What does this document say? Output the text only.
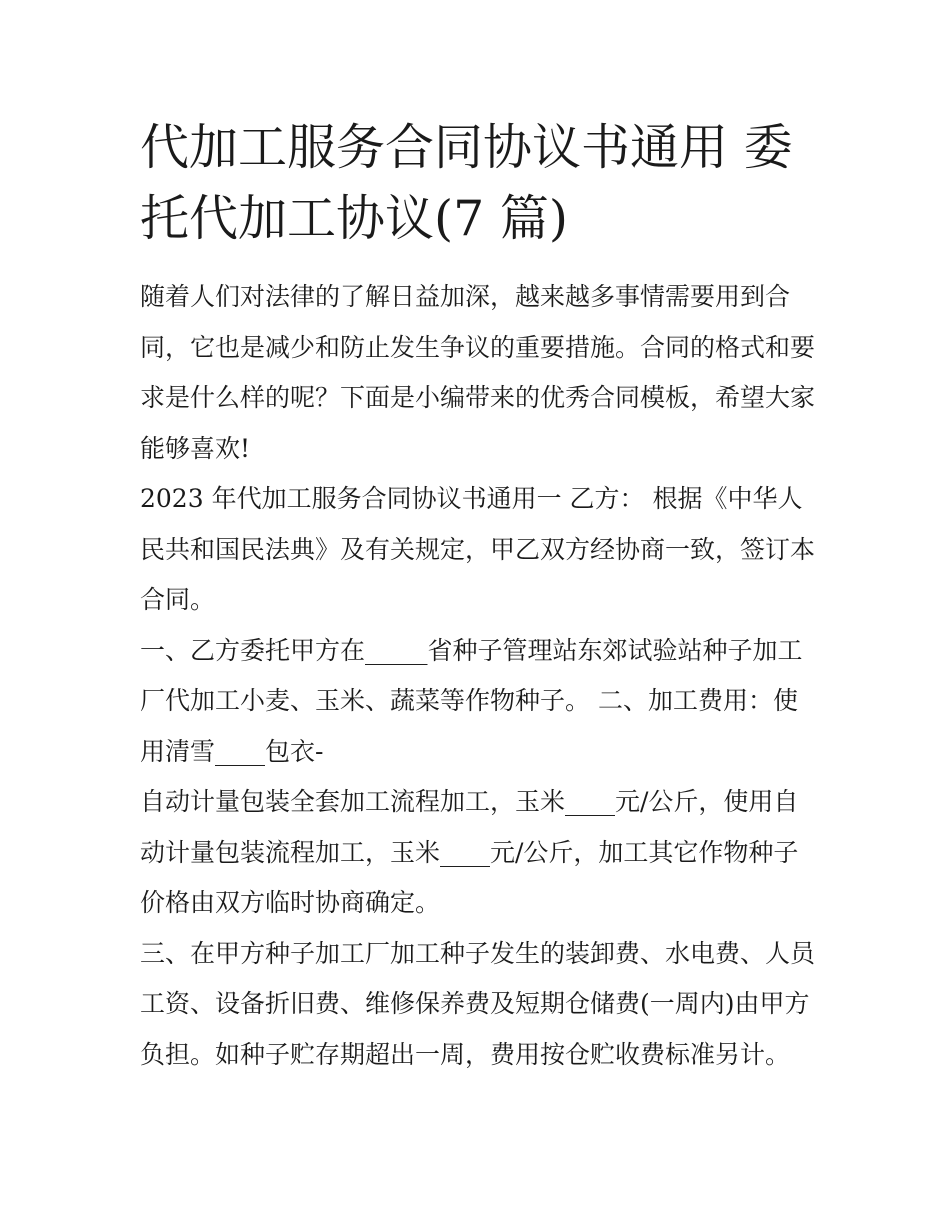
代加工服务合同协议书通用 委
托代加工协议(7 篇)

随着人们对法律的了解日益加深，越来越多事情需要用到合同，它也是减少和防止发生争议的重要措施。合同的格式和要求是什么样的呢？下面是小编带来的优秀合同模板，希望大家能够喜欢!

2023 年代加工服务合同协议书通用一 乙方： 根据《中华人民共和国民法典》及有关规定，甲乙双方经协商一致，签订本合同。

一、乙方委托甲方在_____省种子管理站东郊试验站种子加工厂代加工小麦、玉米、蔬菜等作物种子。 二、加工费用：使用清雪____包衣-

自动计量包装全套加工流程加工，玉米____元/公斤，使用自动计量包装流程加工，玉米____元/公斤，加工其它作物种子价格由双方临时协商确定。

三、在甲方种子加工厂加工种子发生的装卸费、水电费、人员工资、设备折旧费、维修保养费及短期仓储费(一周内)由甲方负担。如种子贮存期超出一周，费用按仓贮收费标准另计。
